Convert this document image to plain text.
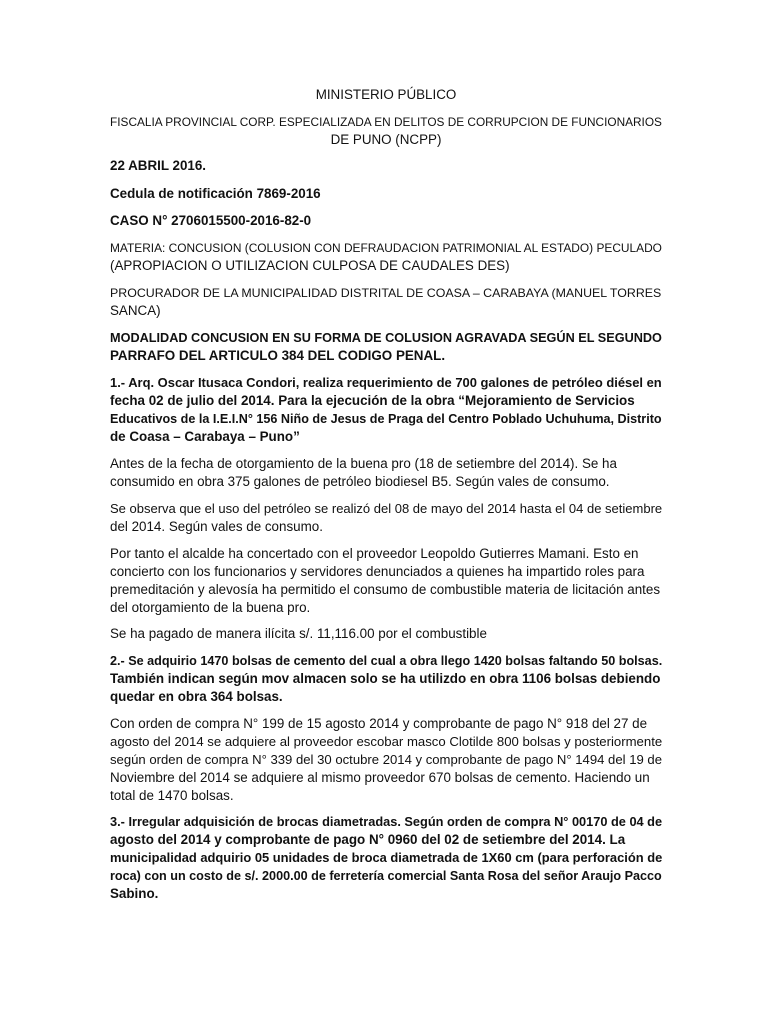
MINISTERIO PÚBLICO
FISCALIA PROVINCIAL CORP. ESPECIALIZADA EN DELITOS DE CORRUPCION DE FUNCIONARIOS
DE PUNO (NCPP)
22 ABRIL 2016.
Cedula de notificación 7869-2016
CASO N° 2706015500-2016-82-0
MATERIA: CONCUSION (COLUSION CON DEFRAUDACION PATRIMONIAL AL ESTADO) PECULADO
(APROPIACION O UTILIZACION CULPOSA DE CAUDALES DES)
PROCURADOR DE LA MUNICIPALIDAD DISTRITAL DE COASA – CARABAYA (MANUEL TORRES
SANCA)
MODALIDAD CONCUSION EN SU FORMA DE COLUSION AGRAVADA SEGÚN EL SEGUNDO
PARRAFO DEL ARTICULO 384 DEL CODIGO PENAL.
1.- Arq. Oscar Itusaca Condori, realiza requerimiento de 700 galones de petróleo diésel en
fecha 02 de julio del 2014. Para la ejecución de la obra “Mejoramiento de Servicios
Educativos de la I.E.I.N° 156 Niño de Jesus de Praga del Centro Poblado Uchuhuma, Distrito
de Coasa – Carabaya – Puno”
Antes de la fecha de otorgamiento de la buena pro (18 de setiembre del 2014). Se ha
consumido en obra 375 galones de petróleo biodiesel B5. Según vales de consumo.
Se observa que el uso del petróleo se realizó del 08 de mayo del 2014 hasta el 04 de setiembre
del 2014. Según vales de consumo.
Por tanto el alcalde ha concertado con el proveedor Leopoldo Gutierres Mamani. Esto en
concierto con los funcionarios y servidores denunciados a quienes ha impartido roles para
premeditación y alevosía ha permitido el consumo de combustible materia de licitación antes
del otorgamiento de la buena pro.
Se ha pagado de manera ilícita s/. 11,116.00 por el combustible
2.- Se adquirio 1470 bolsas de cemento del cual a obra llego 1420 bolsas faltando 50 bolsas.
También indican según mov almacen solo se ha utilizdo en obra 1106 bolsas debiendo
quedar en obra 364 bolsas.
Con orden de compra N° 199 de 15 agosto 2014 y comprobante de pago N° 918 del 27 de
agosto del 2014 se adquiere al proveedor escobar masco Clotilde 800 bolsas y posteriormente
según orden de compra N° 339 del 30 octubre 2014 y comprobante de pago N° 1494 del 19 de
Noviembre del 2014 se adquiere al mismo proveedor 670 bolsas de cemento. Haciendo un
total de 1470 bolsas.
3.- Irregular adquisición de brocas diametradas. Según orden de compra N° 00170 de 04 de
agosto del 2014 y comprobante de pago N° 0960 del 02 de setiembre del 2014. La
municipalidad adquirio 05 unidades de broca diametrada de 1X60 cm (para perforación de
roca) con un costo de s/. 2000.00 de ferretería comercial Santa Rosa del señor Araujo Pacco
Sabino.
